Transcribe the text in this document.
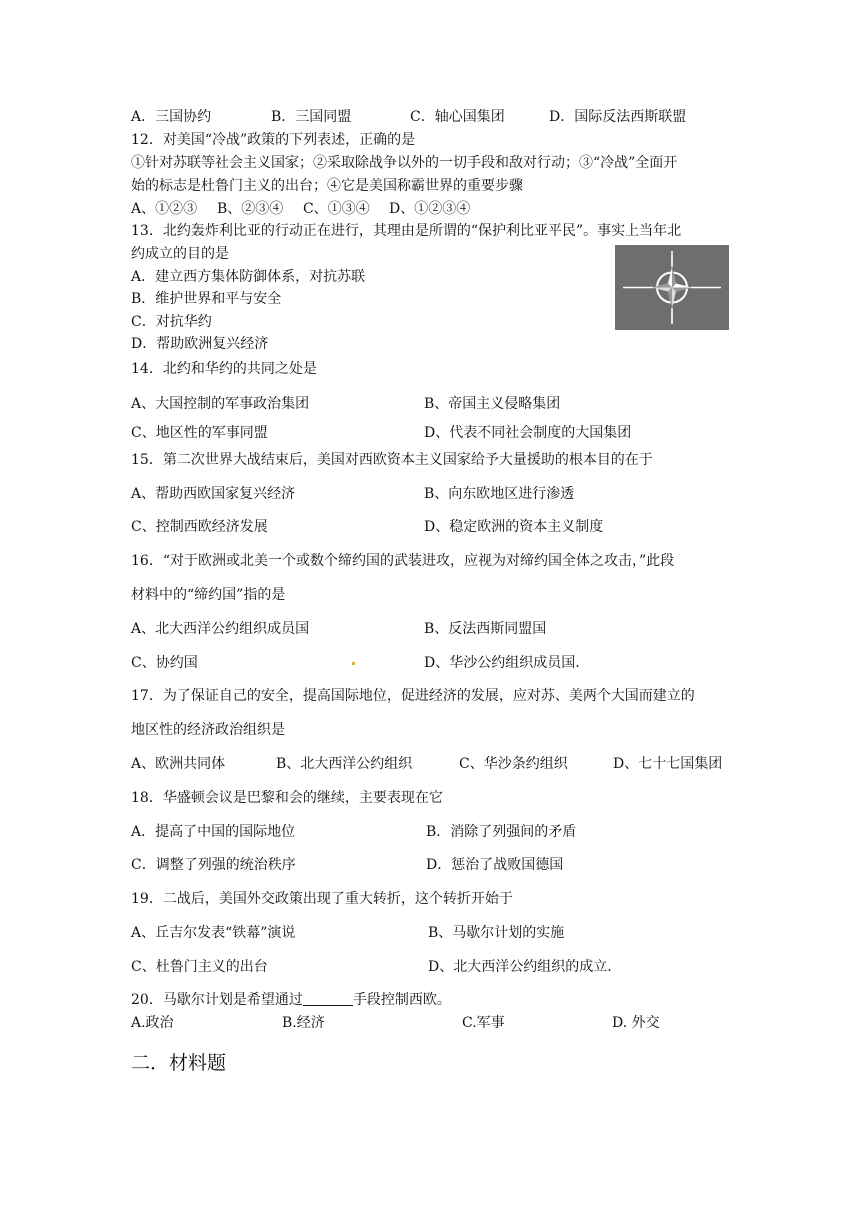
A．三国协约	B．三国同盟	C．轴心国集团	D．国际反法西斯联盟
12．对美国“冷战”政策的下列表述，正确的是
①针对苏联等社会主义国家；②采取除战争以外的一切手段和敌对行动；③“冷战”全面开
始的标志是杜鲁门主义的出台；④它是美国称霸世界的重要步骤
A、①②③ B、②③④ C、①③④ D、①②③④
13．北约轰炸利比亚的行动正在进行，其理由是所谓的“保护利比亚平民”。事实上当年北
约成立的目的是
A．建立西方集体防御体系，对抗苏联
B．维护世界和平与安全
C．对抗华约
D．帮助欧洲复兴经济
14．北约和华约的共同之处是
A、大国控制的军事政治集团	B、帝国主义侵略集团
C、地区性的军事同盟	D、代表不同社会制度的大国集团
15．第二次世界大战结束后，美国对西欧资本主义国家给予大量援助的根本目的在于
A、帮助西欧国家复兴经济	B、向东欧地区进行渗透
C、控制西欧经济发展	D、稳定欧洲的资本主义制度
16．“对于欧洲或北美一个或数个缔约国的武装进攻，应视为对缔约国全体之攻击，”此段
材料中的“缔约国”指的是
A、北大西洋公约组织成员国	B、反法西斯同盟国
C、协约国	D、华沙公约组织成员国.
17．为了保证自己的安全，提高国际地位，促进经济的发展，应对苏、美两个大国而建立的
地区性的经济政治组织是
A、欧洲共同体	B、北大西洋公约组织	C、华沙条约组织	D、七十七国集团
18．华盛顿会议是巴黎和会的继续，主要表现在它
A．提高了中国的国际地位	B．消除了列强间的矛盾
C．调整了列强的统治秩序	D．惩治了战败国德国
19．二战后，美国外交政策出现了重大转折，这个转折开始于
A、丘吉尔发表“铁幕”演说	B、马歇尔计划的实施
C、杜鲁门主义的出台	D、北大西洋公约组织的成立.
20．马歇尔计划是希望通过	手段控制西欧。
A.政治	B.经济	C.军事	D. 外交
二．材料题
